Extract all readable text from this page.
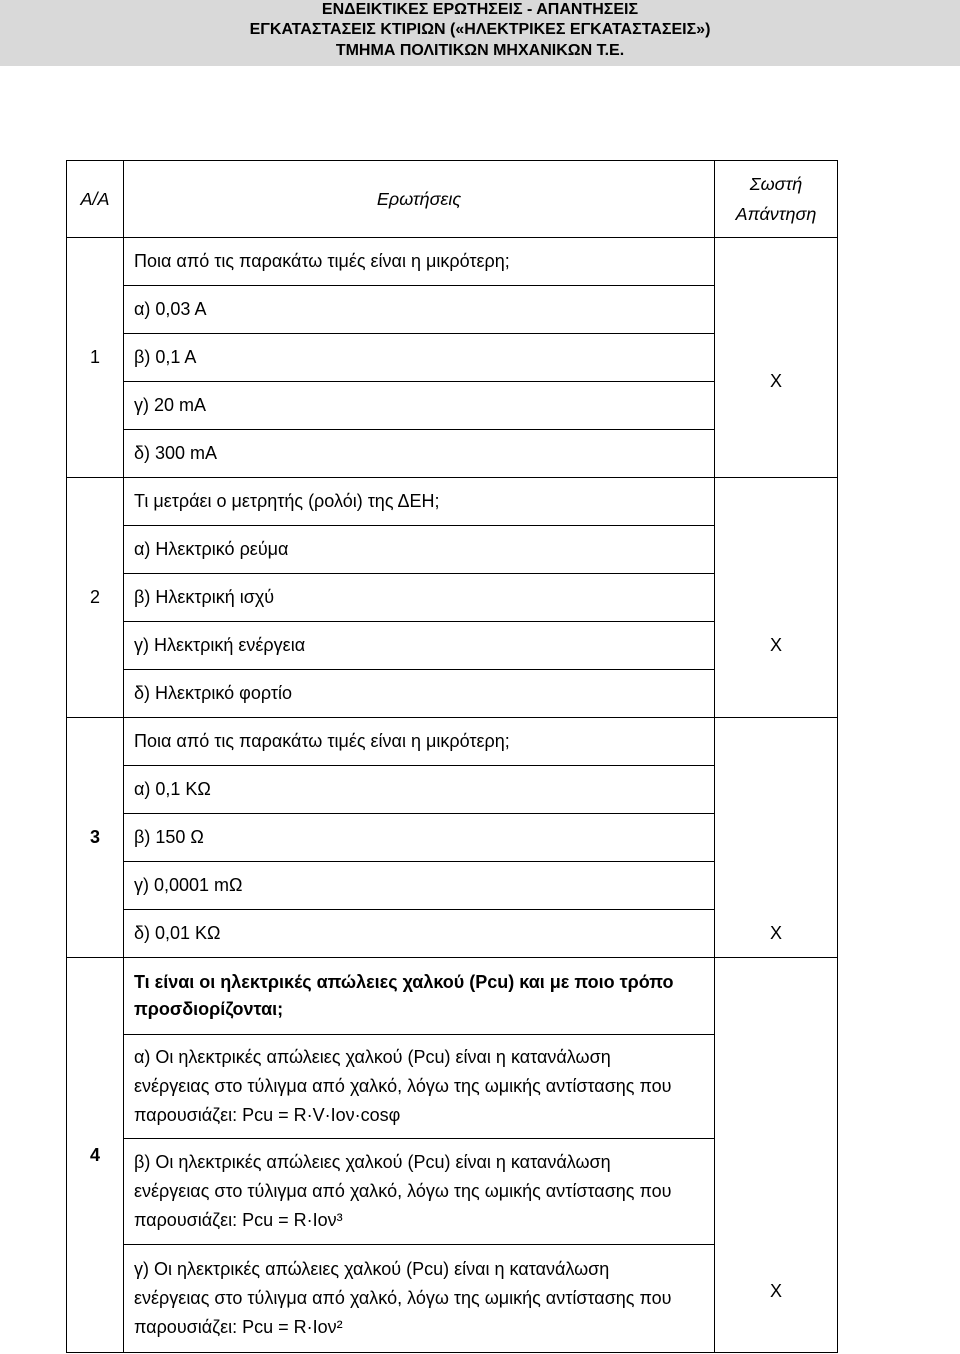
ΕΝΔΕΙΚΤΙΚΕΣ ΕΡΩΤΗΣΕΙΣ - ΑΠΑΝΤΗΣΕΙΣ
ΕΓΚΑΤΑΣΤΑΣΕΙΣ ΚΤΙΡΙΩΝ («ΗΛΕΚΤΡΙΚΕΣ ΕΓΚΑΤΑΣΤΑΣΕΙΣ»)
ΤΜΗΜΑ ΠΟΛΙΤΙΚΩΝ ΜΗΧΑΝΙΚΩΝ Τ.Ε.
Α/Α	Ερωτήσεις	Σωστή
Απάντηση

1	Ποια από τις παρακάτω τιμές είναι η μικρότερη;	X
	α) 0,03 Α	
	β) 0,1 Α	
	γ) 20 mΑ	
	δ) 300 mΑ	
2	Τι μετράει ο μετρητής (ρολόι) της ΔΕΗ;	X
	α) Ηλεκτρικό ρεύμα	
	β) Ηλεκτρική ισχύ	
	γ) Ηλεκτρική ενέργεια	
	δ) Ηλεκτρικό φορτίο	
3	Ποια από τις παρακάτω τιμές είναι η μικρότερη;	X
	α) 0,1 ΚΩ	
	β) 150 Ω	
	γ) 0,0001 mΩ	
	δ) 0,01 ΚΩ	
4	Τι είναι οι ηλεκτρικές απώλειες χαλκού (Pcu) και με ποιο τρόπο
προσδιορίζονται;	X

	α) Οι ηλεκτρικές απώλειες χαλκού (Pcu) είναι η κατανάλωση
ενέργειας στο τύλιγμα από χαλκό, λόγω της ωμικής αντίστασης που
παρουσιάζει: Pcu = R·V·Iον·cosφ	

	β) Οι ηλεκτρικές απώλειες χαλκού (Pcu) είναι η κατανάλωση
ενέργειας στο τύλιγμα από χαλκό, λόγω της ωμικής αντίστασης που
παρουσιάζει: Pcu = R·Iον³	

	γ) Οι ηλεκτρικές απώλειες χαλκού (Pcu) είναι η κατανάλωση
ενέργειας στο τύλιγμα από χαλκό, λόγω της ωμικής αντίστασης που
παρουσιάζει: Pcu = R·Iον²	
